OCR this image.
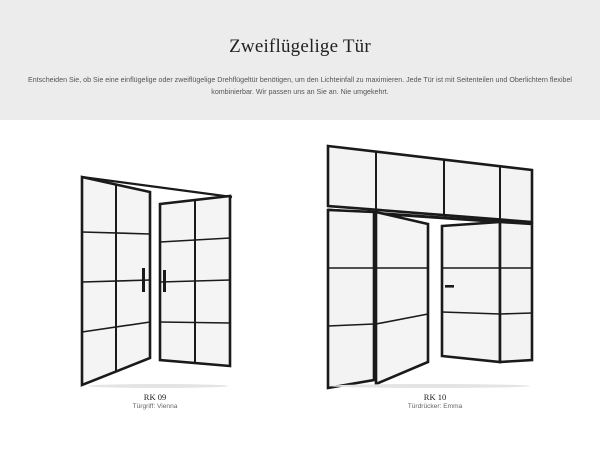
Zweiflügelige Tür

Entscheiden Sie, ob Sie eine einflügelige oder zweiflügelige Drehflügeltür benötigen, um den Lichteinfall zu maximieren. Jede Tür ist mit Seitenteilen und Oberlichtern flexibel kombinierbar. Wir passen uns an Sie an. Nie umgekehrt.

RK 09
Türgriff: Vienna
RK 10
Türdrücker: Emma
